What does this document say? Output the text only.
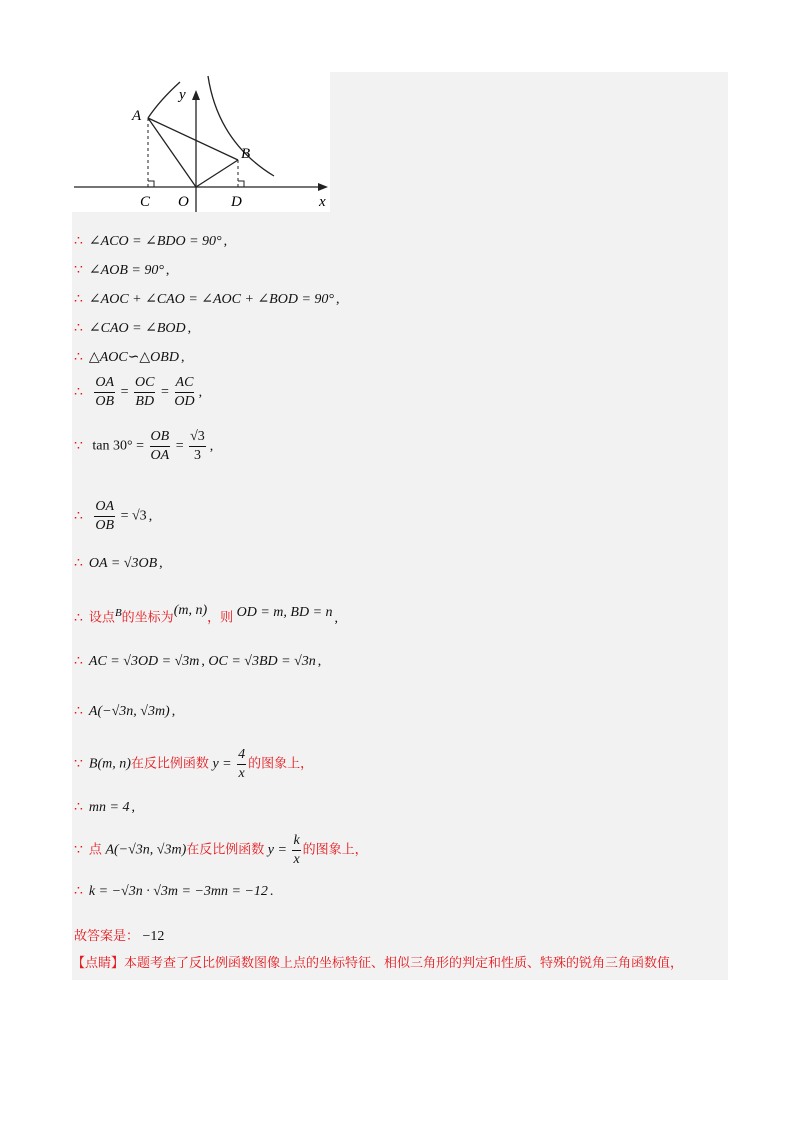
A
B
C	D
O	x
y
∴ ∠ACO = ∠BDO = 90° ,
∵ ∠AOB = 90° ,
∴ ∠AOC + ∠CAO = ∠AOC + ∠BOD = 90° ,
∴ ∠CAO = ∠BOD ,
∴ △AOC∽△OBD ,
∴ $\frac{OA}{OB} = \frac{OC}{BD} = \frac{AC}{OD}$ ,
∵ $\tan 30^\circ = \frac{OB}{OA} = \frac{√3}{3}$ ,
∴ $\frac{OA}{OB} = √3$ ,
∴ OA = √3OB ,
∴ 设点$^B$的坐标为(m, n)，则 OD = m, BD = n ,
∴ AC = √3OD = √3m , OC = √3BD = √3n ,
∴ A(−√3n, √3m) ,
∵ B(m, n)在反比例函数 $y = \frac{4}{x}$ 的图象上，
∴ mn = 4 ,
∵ 点 A(−√3n, √3m)在反比例函数 $y = \frac{k}{x}$ 的图象上，
∴ k = −√3n · √3m = −3mn = −12 .
故答案是： −12
【点睛】本题考查了反比例函数图像上点的坐标特征、相似三角形的判定和性质、特殊的锐角三角函数值，
